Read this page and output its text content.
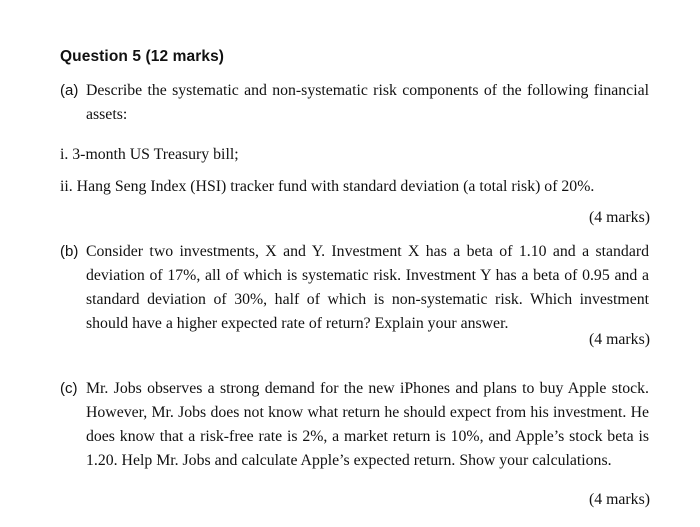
Question 5 (12 marks)
(a) Describe the systematic and non-systematic risk components of the following financial assets:
i. 3-month US Treasury bill;
ii. Hang Seng Index (HSI) tracker fund with standard deviation (a total risk) of 20%.
(4 marks)
(b) Consider two investments, X and Y. Investment X has a beta of 1.10 and a standard deviation of 17%, all of which is systematic risk. Investment Y has a beta of 0.95 and a standard deviation of 30%, half of which is non-systematic risk. Which investment should have a higher expected rate of return? Explain your answer.
(4 marks)
(c) Mr. Jobs observes a strong demand for the new iPhones and plans to buy Apple stock. However, Mr. Jobs does not know what return he should expect from his investment. He does know that a risk-free rate is 2%, a market return is 10%, and Apple’s stock beta is 1.20. Help Mr. Jobs and calculate Apple’s expected return. Show your calculations.
(4 marks)
